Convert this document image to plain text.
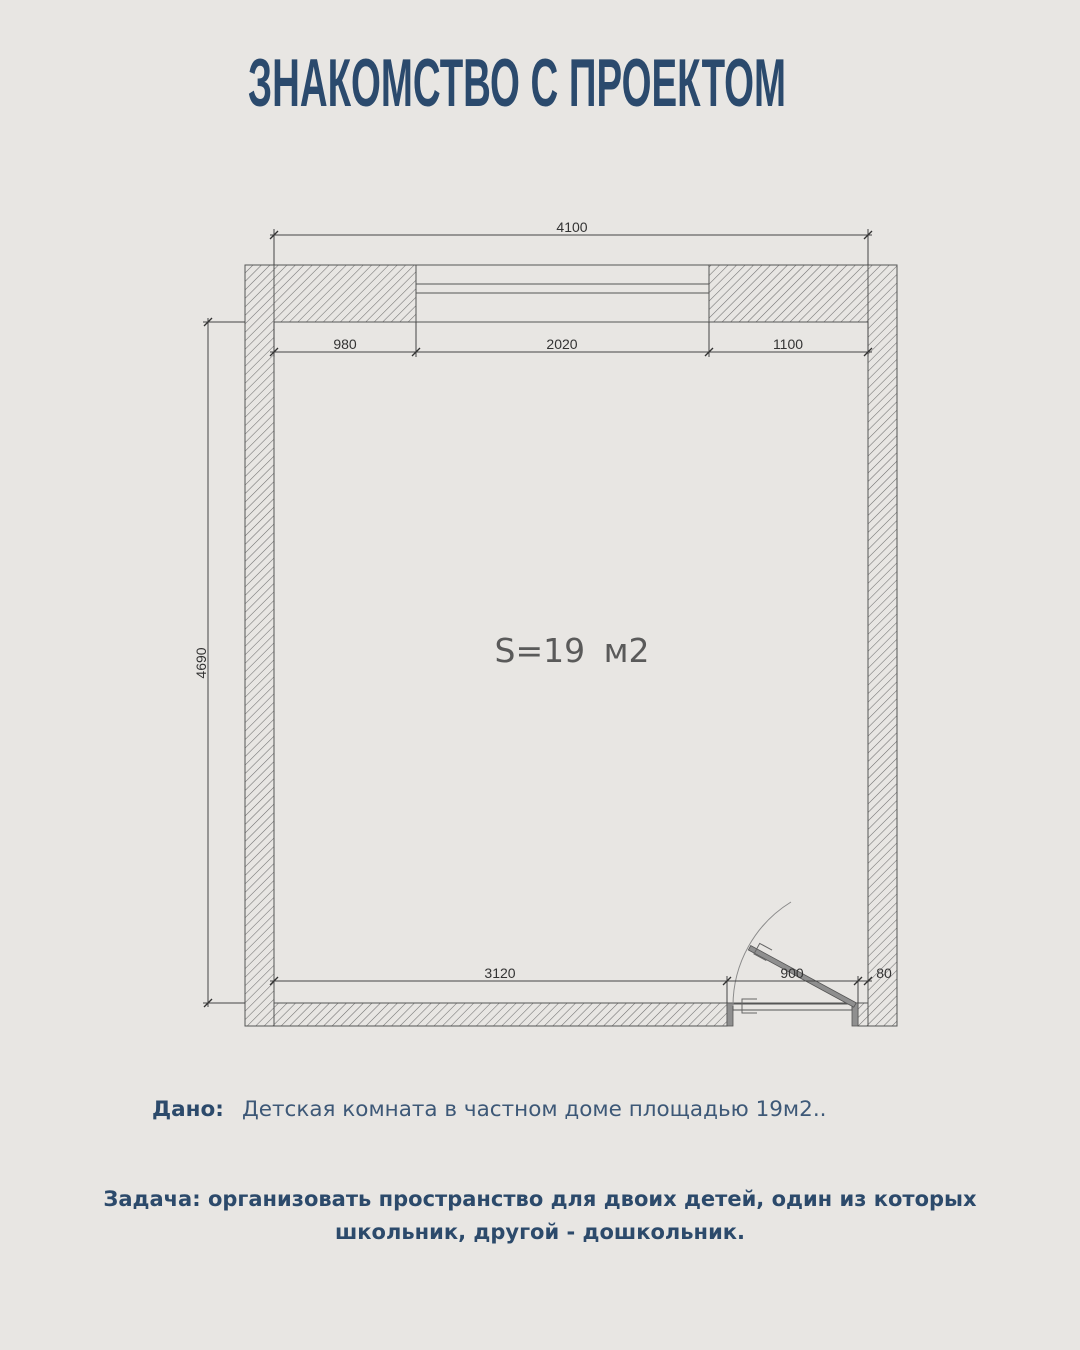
ЗНАКОМСТВО С ПРОЕКТОМ
4100
980	2020	1100
4690
3120	900	80
S=19 м2
Дано: Детская комната в частном доме площадью 19м2..
Задача: организовать пространство для двоих детей, один из которых
школьник, другой - дошкольник.
